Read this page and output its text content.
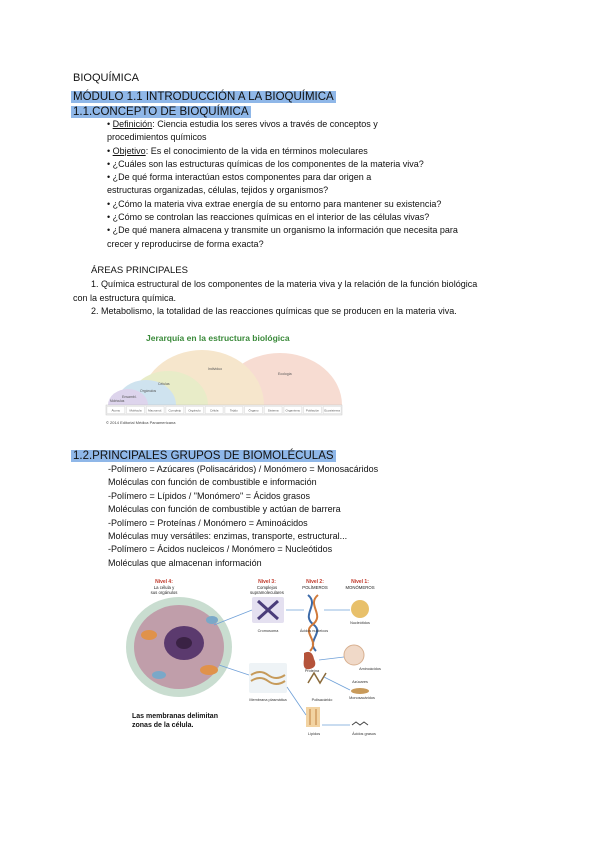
BIOQUÍMICA
MÓDULO 1.1 INTRODUCCIÓN A LA BIOQUÍMICA
1.1.CONCEPTO DE BIOQUÍMICA
• Definición: Ciencia estudia los seres vivos a través de conceptos y
procedimientos químicos
• Objetivo: Es el conocimiento de la vida en términos moleculares
• ¿Cuáles son las estructuras químicas de los componentes de la materia viva?
• ¿De qué forma interactúan estos componentes para dar origen a
estructuras organizadas, células, tejidos y organismos?
• ¿Cómo la materia viva extrae energía de su entorno para mantener su existencia?
• ¿Cómo se controlan las reacciones químicas en el interior de las células vivas?
• ¿De qué manera almacena y transmite un organismo la información que necesita para
crecer y reproducirse de forma exacta?
ÁREAS PRINCIPALES
1. Química estructural de los componentes de la materia viva y la relación de la función biológica
con la estructura química.
2. Metabolismo, la totalidad de las reacciones químicas que se producen en la materia viva.
Jerarquía en la estructura biológica
Individuo
Ecología
Células
Orgánulos
Ensambl.
Moléculas
Átomo	Molécula Macromol. Complejo Orgánulo	Célula	Tejido	Órgano	Sistema Organismo Población Ecosistema
© 2014 Editorial Médica Panamericana
1.2.PRINCIPALES GRUPOS DE BIOMOLÉCULAS
-Polímero = Azúcares (Polisacáridos) / Monómero = Monosacáridos
Moléculas con función de combustible e información
-Polímero = Lípidos / "Monómero" = Ácidos grasos
Moléculas con función de combustible y actúan de barrera
-Polímero = Proteínas / Monómero = Aminoácidos
Moléculas muy versátiles: enzimas, transporte, estructural...
-Polímero = Ácidos nucleicos / Monómero = Nucleótidos
Moléculas que almacenan información
Nivel 4:
La célula y
sus orgánulos
Nivel 3:
Complejos
supramoleculares
Nivel 2:
POLÍMEROS
Nivel 1:
MONÓMEROS
Cromosoma	Ácidos nucleicos
Nucleótidos
Proteína	Aminoácidos
Membrana plasmática	Polisacárido
Azúcares
Monosacáridos
Lípidos	Ácidos grasos
Las membranas delimitan
zonas de la célula.
